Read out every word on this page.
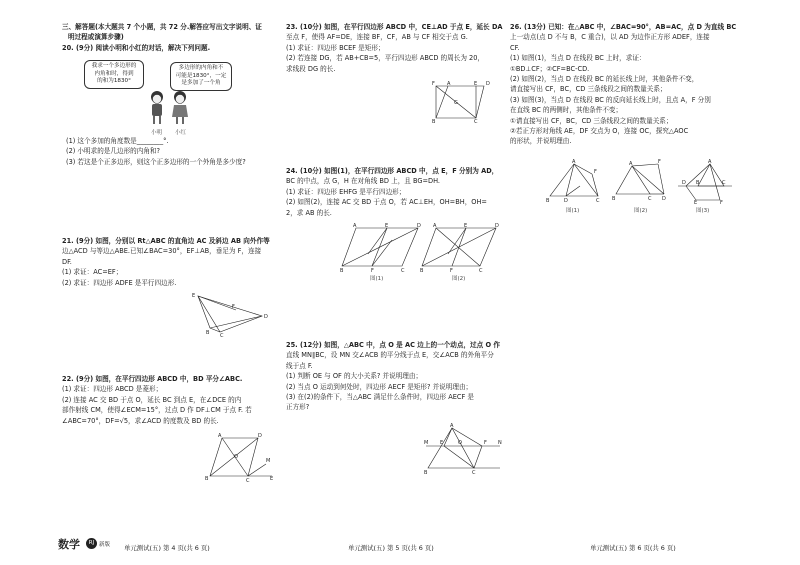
三、解答题(本大题共 7 个小题，共 72 分.解答应写出文字说明、证

明过程或演算步骤)

20. (9分) 阅读小明和小红的对话，解决下列问题.

我求一个多边形的
内角和时，得到
的和为1830°
多边形的内角和不
可能是1830°，一定
是多加了一个角
小明 小红

(1) 这个多加的角度数是________°.

(2) 小明求的是几边形的内角和?

(3) 若这是个正多边形，则这个正多边形的一个外角是多少度?

21. (9分) 如图，分别以 Rt△ABC 的直角边 AC 及斜边 AB 向外作等

边△ACD 与等边△ABE.已知∠BAC=30°，EF⊥AB，垂足为 F，连接

DF.

(1) 求证：AC=EF；

(2) 求证：四边形 ADFE 是平行四边形.

E
D
F
B C

22. (9分) 如图，在平行四边形 ABCD 中，BD 平分∠ABC.

(1) 求证：四边形 ABCD 是菱形；

(2) 连接 AC 交 BD 于点 O，延长 BC 到点 E，在∠DCE 的内

部作射线 CM，使得∠ECM=15°，过点 D 作 DF⊥CM 于点 F. 若

∠ABC=70°，DF=√5，求∠ACD 的度数及 BD 的长.

A	D
B	C
O
M
E

23. (10分) 如图，在平行四边形 ABCD 中，CE⊥AD 于点 E，延长 DA

至点 F，使得 AF=DE，连接 BF，CF，AB 与 CF 相交于点 G.

(1) 求证：四边形 BCEF 是矩形；

(2) 若连接 DG，若 AB+CB=5，平行四边形 ABCD 的周长为 20，

求线段 DG 的长.

F A	E D
B	C
G

24. (10分) 如图(1)，在平行四边形 ABCD 中，点 E，F 分别为 AD，

BC 的中点，点 G，H 在对角线 BD 上，且 BG=DH.

(1) 求证：四边形 EHFG 是平行四边形；

(2) 如图(2)，连接 AC 交 BD 于点 O，若 AC⊥EH，OH=BH，OH=

2，求 AB 的长.

A	E	D
B	F	C
A	E	D
B	F	C
图(1)	图(2)

25. (12分) 如图，△ABC 中，点 O 是 AC 边上的一个动点，过点 O 作

直线 MN∥BC，设 MN 交∠ACB 的平分线于点 E，交∠ACB 的外角平分

线于点 F.

(1) 判断 OE 与 OF 的大小关系? 并说明理由；

(2) 当点 O 运动到何处时，四边形 AECF 是矩形? 并说明理由；

(3) 在(2)的条件下，当△ABC 满足什么条件时，四边形 AECF 是

正方形?

A
M E	O	F N
B	C

26. (13分) 已知：在△ABC 中，∠BAC=90°，AB=AC，点 D 为直线 BC

上一动点(点 D 不与 B，C 重合)，以 AD 为边作正方形 ADEF，连接

CF.

(1) 如图(1)，当点 D 在线段 BC 上时，求证：

①BD⊥CF；②CF=BC-CD.

(2) 如图(2)，当点 D 在线段 BC 的延长线上时，其他条件不变，

请直接写出 CF，BC，CD 三条线段之间的数量关系；

(3) 如图(3)，当点 D 在线段 BC 的反向延长线上时，且点 A，F 分别

在直线 BC 的两侧时，其他条件不变；

①请直接写出 CF，BC，CD 三条线段之间的数量关系；

②若正方形对角线 AE，DF 交点为 O，连接 OC，探究△AOC

的形状，并说明理由.

A
F
B	D	C
A	F
B	C D
A
D B	C
E	F
图(1)	图(2)	图(3)
数学	RJ 新版 单元测试(五) 第 4 页(共 6 页)	单元测试(五) 第 5 页(共 6 页)	单元测试(五) 第 6 页(共 6 页)
